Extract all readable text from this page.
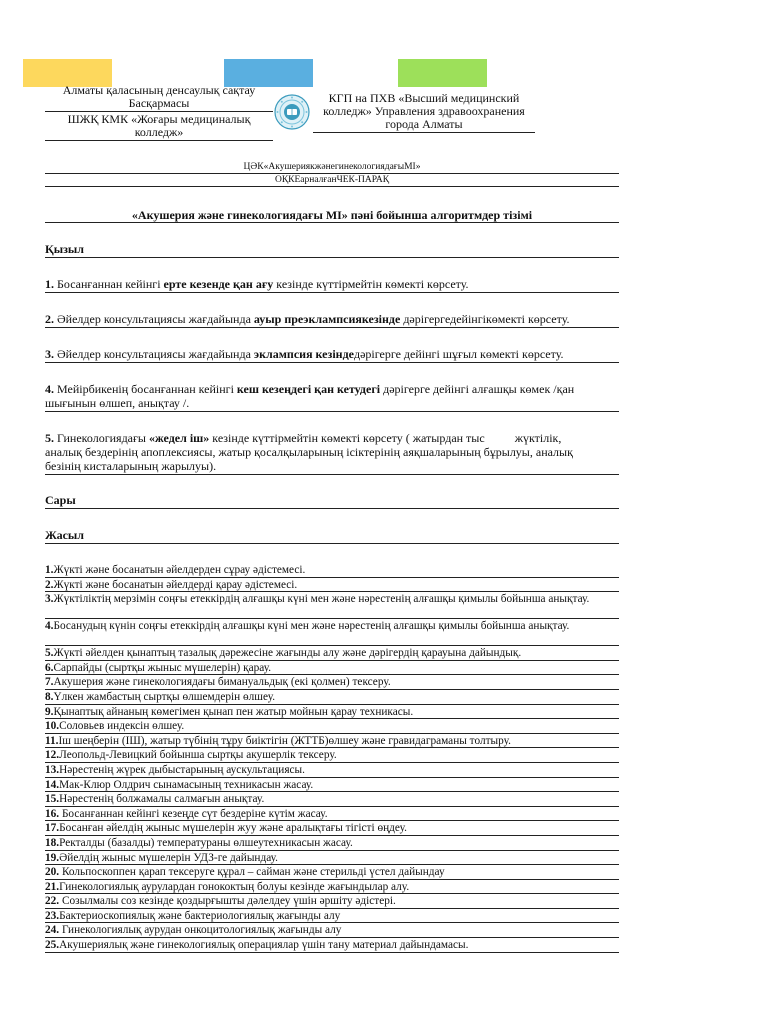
Алматы қаласының денсаулық сақтау
Басқармасы
ШЖҚ КМК «Жоғары медициналық
колледж»
КГП на ПХВ «Высший медицинский
колледж» Управления здравоохранения
города Алматы
ЦӘК«АкушериякжәнегинекологиядағыМІ»
ОҚКЕарналғанЧЕК-ПАРАҚ
«Акушерия және гинекологиядағы МІ» пәні бойынша алгоритмдер тізімі
Қызыл
1. Босанғаннан кейінгі ерте кезенде қан ағу кезінде күттірмейтін көмекті көрсету.
2. Әйелдер консультациясы жағдайында ауыр преэклампсиякезінде дәрігергедейінгікөмекті көрсету.
3. Әйелдер консультациясы жағдайында эклампсия кезіндедәрігерге дейінгі шұғыл көмекті көрсету.
4. Мейірбикенің босанғаннан кейінгі кеш кезеңдегі қан кетудегі дәрігерге дейінгі алғашқы көмек /қан шығынын өлшеп, анықтау /.
5. Гинекологиядағы «жедел іш» кезінде күттірмейтін көмекті көрсету ( жатырдан тыс          жүктілік, аналық бездерінің апоплексиясы, жатыр қосалқыларының ісіктерінің аяқшаларының бұрылуы, аналық безінің кисталарының жарылуы).
Сары
Жасыл
1.Жүкті және босанатын әйелдерден сұрау әдістемесі.
2.Жүкті және босанатын әйелдерді қарау әдістемесі.
3.Жүктіліктің мерзімін соңғы етеккірдің алғашқы күні мен және нәрестенің алғашқы қимылы бойынша анықтау.
4.Босанудың күнін соңғы етеккірдің алғашқы күні мен және нәрестенің алғашқы қимылы бойынша анықтау.
5.Жүкті әйелден қынаптың тазалық дәрежесіне жағынды алу және дәрігердің қарауына дайындық.
6.Сарпайды (сыртқы жыныс мүшелерін) қарау.
7.Акушерия және гинекологиядағы бимануальдық (екі қолмен) тексеру.
8.Үлкен жамбастың сыртқы өлшемдерін өлшеу.
9.Қынаптық айнаның көмегімен қынап пен жатыр мойнын қарау техникасы.
10.Соловьев индексін өлшеу.
11.Іш шеңберін (ІШ), жатыр түбінің тұру биіктігін (ЖТТБ)өлшеу және гравидаграманы толтыру.
12.Леопольд-Левицкий бойынша сыртқы акушерлік тексеру.
13.Нәрестенің жүрек дыбыстарының аускультациясы.
14.Мак-Клюр Олдрич сынамасының техникасын жасау.
15.Нәрестенің болжамалы салмағын анықтау.
16. Босанғаннан кейінгі кезеңде сүт бездеріне күтім жасау.
17.Босанған әйелдің жыныс мүшелерін жуу және аралықтағы тігісті өңдеу.
18.Ректалды (базалды) температураны өлшеутехникасын жасау.
19.Әйелдің жыныс мүшелерін УДЗ-ге дайындау.
20. Кольпоскоппен қарап тексеруге құрал – сайман және стерильді үстел дайындау
21.Гинекологиялық аурулардан гонококтың болуы кезінде жағындылар алу.
22. Созылмалы соз кезінде қоздырғышты дәлелдеу үшін әршіту әдістері.
23.Бактериоскопиялық және бактериологиялық жағынды алу
24. Гинекологиялық аурудан онкоцитологиялық жағынды алу
25.Акушериялық және гинекологиялық операциялар үшін тану материал дайындамасы.
